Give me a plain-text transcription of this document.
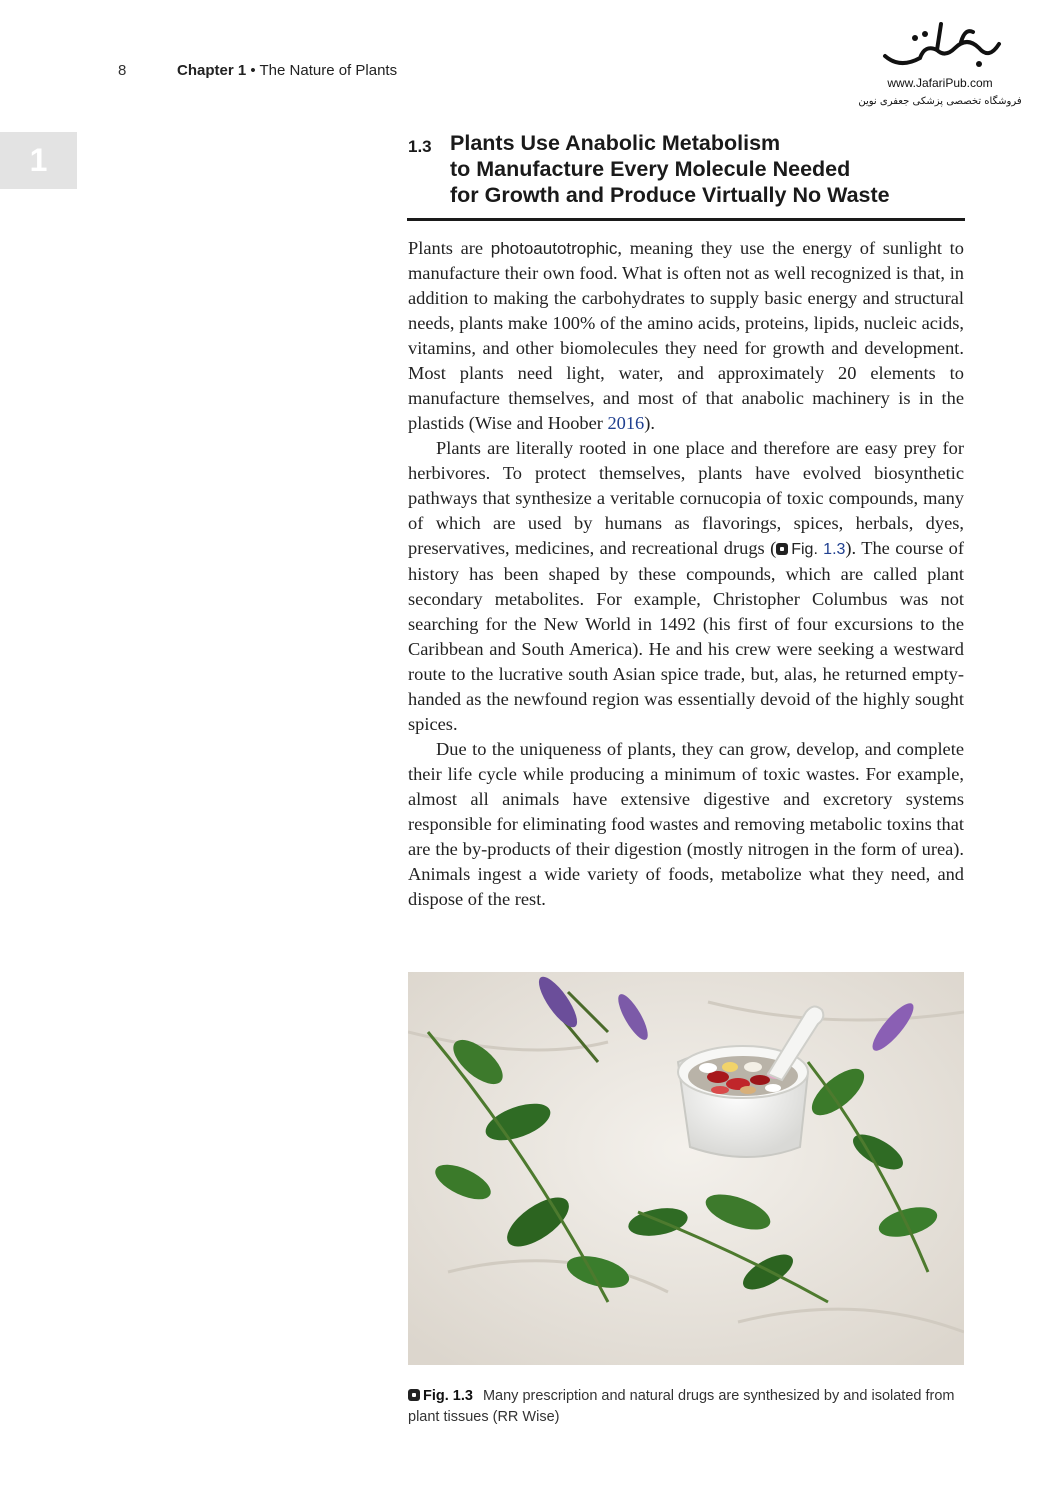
8	Chapter 1 • The Nature of Plants
1
www.JafariPub.com
فروشگاه تخصصی پزشکی جعفری نوین
1.3 Plants Use Anabolic Metabolism
to Manufacture Every Molecule Needed
for Growth and Produce Virtually No Waste

Plants are photoautotrophic, meaning they use the energy of sunlight to manufacture their own food. What is often not as well recognized is that, in addition to making the carbohydrates to supply basic energy and structural needs, plants make 100% of the amino acids, proteins, lipids, nucleic acids, vitamins, and other biomolecules they need for growth and development. Most plants need light, water, and approximately 20 elements to manufacture themselves, and most of that anabolic machinery is in the plastids (Wise and Hoober 2016).

Plants are literally rooted in one place and therefore are easy prey for herbivores. To protect themselves, plants have evolved biosynthetic pathways that synthesize a veritable cornucopia of toxic compounds, many of which are used by humans as flavorings, spices, herbals, dyes, preservatives, medicines, and recreational drugs ( Fig. 1.3). The course of history has been shaped by these compounds, which are called plant secondary metabolites. For example, Christopher Columbus was not searching for the New World in 1492 (his first of four excursions to the Caribbean and South America). He and his crew were seeking a westward route to the lucrative south Asian spice trade, but, alas, he returned empty-handed as the newfound region was essentially devoid of the highly sought spices.

Due to the uniqueness of plants, they can grow, develop, and complete their life cycle while producing a minimum of toxic wastes. For example, almost all animals have extensive digestive and excretory systems responsible for eliminating food wastes and removing metabolic toxins that are the by-products of their digestion (mostly nitrogen in the form of urea). Animals ingest a wide variety of foods, metabolize what they need, and dispose of the rest.

Fig. 1.3 Many prescription and natural drugs are synthesized by and isolated from plant tissues (RR Wise)
